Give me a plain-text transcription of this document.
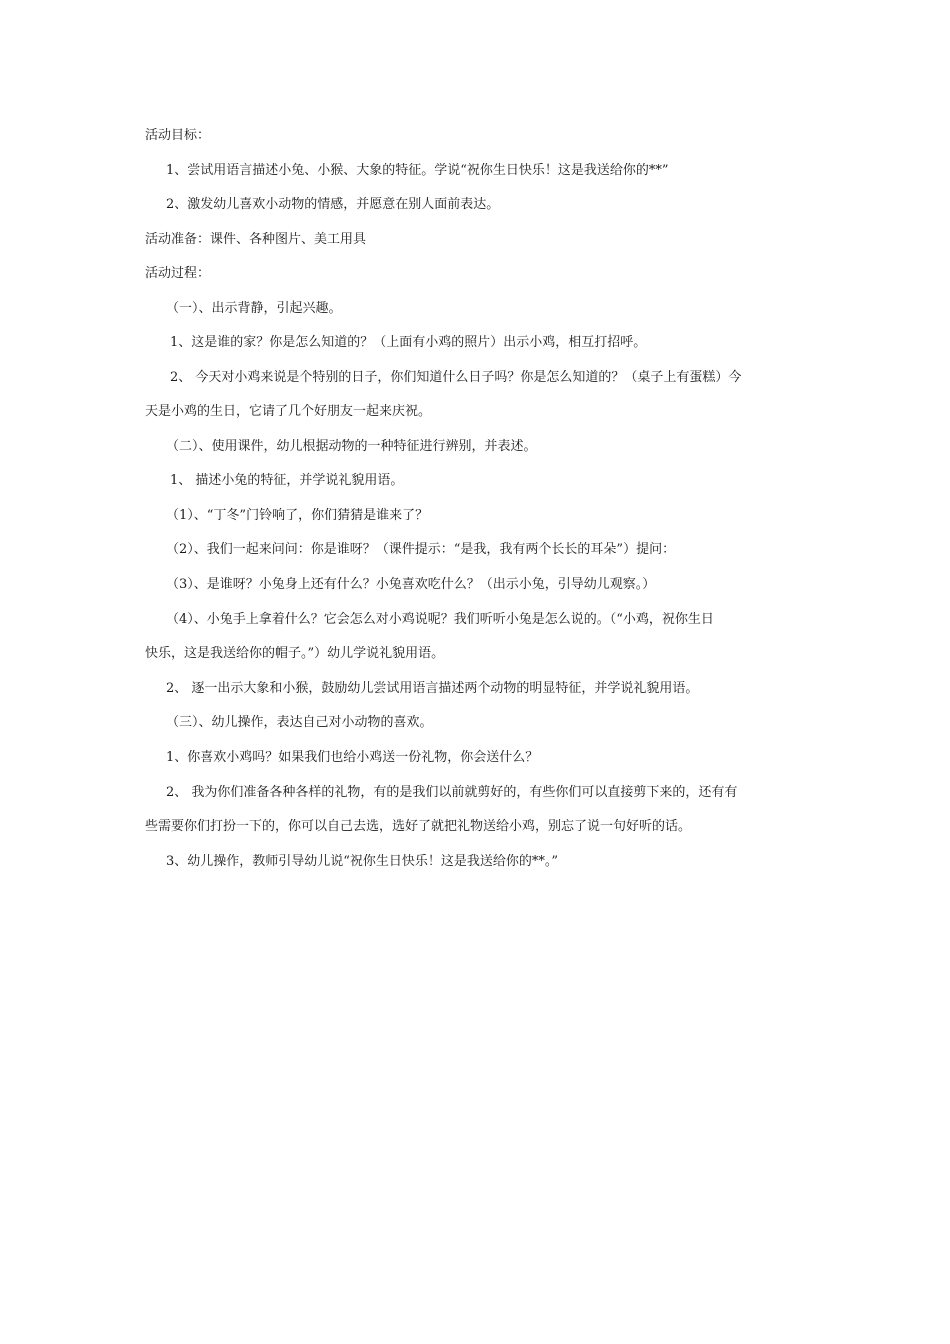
活动目标：
1、尝试用语言描述小兔、小猴、大象的特征。学说“祝你生日快乐！这是我送给你的**”
2、激发幼儿喜欢小动物的情感，并愿意在别人面前表达。
活动准备：课件、各种图片、美工用具
活动过程：
（一）、出示背静，引起兴趣。
1、这是谁的家？你是怎么知道的？（上面有小鸡的照片）出示小鸡，相互打招呼。
2、 今天对小鸡来说是个特别的日子，你们知道什么日子吗？你是怎么知道的？（桌子上有蛋糕）今
天是小鸡的生日，它请了几个好朋友一起来庆祝。
（二）、使用课件，幼儿根据动物的一种特征进行辨别，并表述。
1、 描述小兔的特征，并学说礼貌用语。
（1）、“丁冬”门铃响了，你们猜猜是谁来了？
（2）、我们一起来问问：你是谁呀？（课件提示：“是我，我有两个长长的耳朵”）提问：
（3）、是谁呀？小兔身上还有什么？小兔喜欢吃什么？（出示小兔，引导幼儿观察。）
（4）、小兔手上拿着什么？它会怎么对小鸡说呢？我们听听小兔是怎么说的。（“小鸡，祝你生日
快乐，这是我送给你的帽子。”）幼儿学说礼貌用语。
2、 逐一出示大象和小猴，鼓励幼儿尝试用语言描述两个动物的明显特征，并学说礼貌用语。
（三）、幼儿操作，表达自己对小动物的喜欢。
1、你喜欢小鸡吗？如果我们也给小鸡送一份礼物，你会送什么？
2、 我为你们准备各种各样的礼物，有的是我们以前就剪好的，有些你们可以直接剪下来的，还有有
些需要你们打扮一下的，你可以自己去选，选好了就把礼物送给小鸡，别忘了说一句好听的话。
3、幼儿操作，教师引导幼儿说“祝你生日快乐！这是我送给你的**。”
